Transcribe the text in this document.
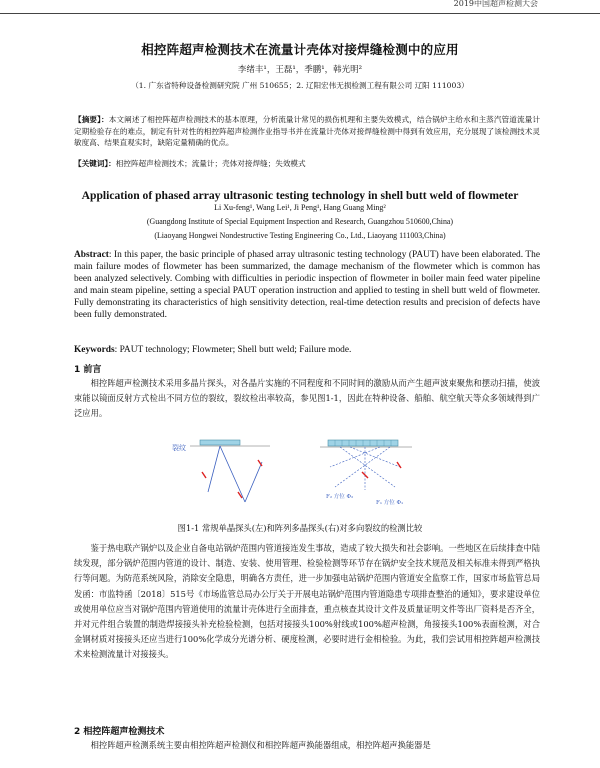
2019中国超声检测大会
相控阵超声检测技术在流量计壳体对接焊缝检测中的应用
李绪丰¹，王磊¹，季鹏¹，韩光明²
（1. 广东省特种设备检测研究院 广州 510655；2. 辽阳宏伟无损检测工程有限公司 辽阳 111003）
【摘要】：本文阐述了相控阵超声检测技术的基本原理，分析流量计常见的损伤机理和主要失效模式，结合锅炉主给水和主蒸汽管道流量计定期检验存在的难点，制定有针对性的相控阵超声检测作业指导书并在流量计壳体对接焊缝检测中得到有效应用，充分展现了该检测技术灵敏度高、结果直观实时，缺陷定量精确的优点。
【关键词】：相控阵超声检测技术；流量计；壳体对接焊缝；失效模式
Application of phased array ultrasonic testing technology in shell butt weld of flowmeter
Li Xu-feng¹, Wang Lei¹, Ji Peng¹, Hang Guang Ming²
(Guangdong Institute of Special Equipment Inspection and Research, Guangzhou 510600,China)
(Liaoyang Hongwei Nondestructive Testing Engineering Co., Ltd., Liaoyang 111003,China)
Abstract: In this paper, the basic principle of phased array ultrasonic testing technology (PAUT) have been elaborated. The main failure modes of flowmeter has been summarized, the damage mechanism of the flowmeter which is common has been analyzed selectively. Combing with difficulties in periodic inspection of flowmeter in boiler main feed water pipeline and main steam pipeline, setting a special PAUT operation instruction and applied to testing in shell butt weld of flowmeter. Fully demonstrating its characteristics of high sensitivity detection, real-time detection results and precision of defects have been fully demonstrated.
Keywords: PAUT technology; Flowmeter; Shell butt weld; Failure mode.
1 前言
相控阵超声检测技术采用多晶片探头，对各晶片实施的不同程度和不同时间的激励从而产生超声波束聚焦和摆动扫描，使波束能以镜面反射方式检出不同方位的裂纹，裂纹检出率较高，参见图1-1，因此在特种设备、船舶、航空航天等众多领域得到广泛应用。
裂纹
F₂ 方位 Φ₂
F₁ 方位 Φ₁
图1-1 常规单晶探头(左)和阵列多晶探头(右)对多向裂纹的检测比较
鉴于热电联产锅炉以及企业自备电站锅炉范围内管道接连发生事故，造成了较大损失和社会影响。一些地区在后续排查中陆续发现，部分锅炉范围内管道的设计、制造、安装、使用管理、检验检测等环节存在锅炉安全技术规范及相关标准未得到严格执行等问题。为防范系统风险，消除安全隐患，明确各方责任，进一步加强电站锅炉范围内管道安全监察工作，国家市场监管总局发函：市监特函〔2018〕515号《市场监管总局办公厅关于开展电站锅炉范围内管道隐患专项排查整治的通知》，要求建设单位或使用单位应当对锅炉范围内管道使用的流量计壳体进行全面排查，重点核查其设计文件及质量证明文件等出厂资料是否齐全，并对元件组合装置的制造焊接接头补充检验检测，包括对接接头100%射线或100%超声检测，角接接头100%表面检测，对合金钢材质对接接头还应当进行100%化学成分光谱分析、硬度检测，必要时进行金相检验。为此，我们尝试用相控阵超声检测技术来检测流量计对接接头。
2 相控阵超声检测技术
相控阵超声检测系统主要由相控阵超声检测仪和相控阵超声换能器组成，相控阵超声换能器是
